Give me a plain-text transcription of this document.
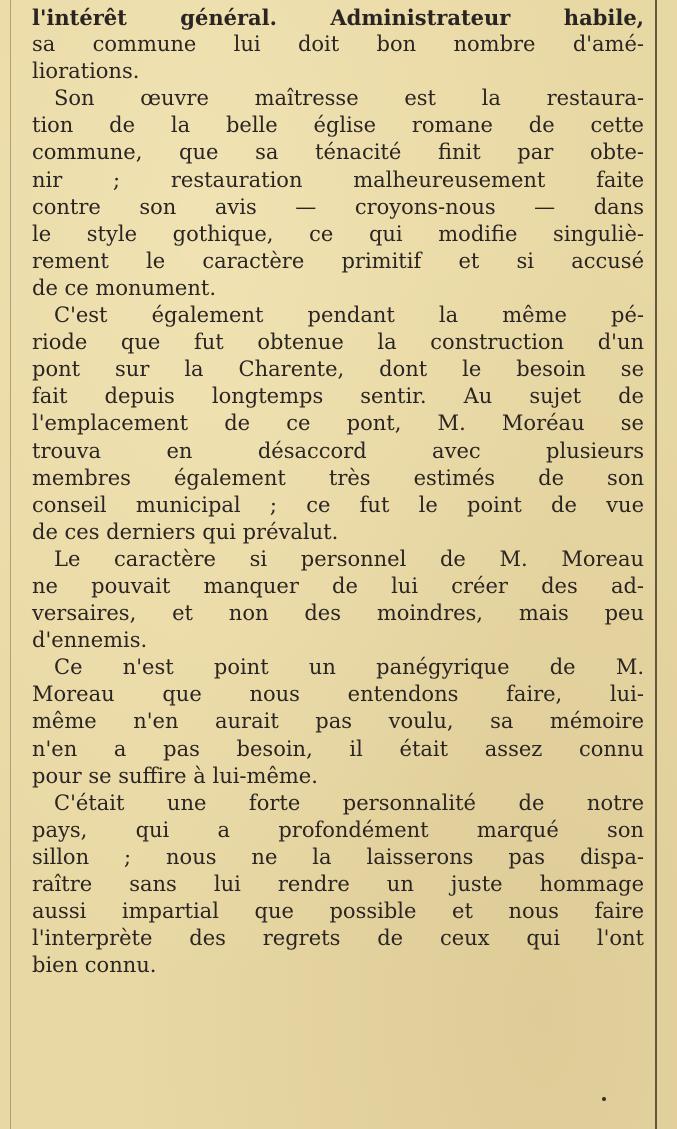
l'intérêt général. Administrateur habile,
sa commune lui doit bon nombre d'amé-
liorations.
Son œuvre maîtresse est la restaura-
tion de la belle église romane de cette
commune, que sa ténacité finit par obte-
nir ; restauration malheureusement faite
contre son avis — croyons-nous — dans
le style gothique, ce qui modifie singuliè-
rement le caractère primitif et si accusé
de ce monument.
C'est également pendant la même pé-
riode que fut obtenue la construction d'un
pont sur la Charente, dont le besoin se
fait depuis longtemps sentir. Au sujet de
l'emplacement de ce pont, M. Moréau se
trouva en désaccord avec plusieurs
membres également très estimés de son
conseil municipal ; ce fut le point de vue
de ces derniers qui prévalut.
Le caractère si personnel de M. Moreau
ne pouvait manquer de lui créer des ad-
versaires, et non des moindres, mais peu
d'ennemis.
Ce n'est point un panégyrique de M.
Moreau que nous entendons faire, lui-
même n'en aurait pas voulu, sa mémoire
n'en a pas besoin, il était assez connu
pour se suffire à lui-même.
C'était une forte personnalité de notre
pays, qui a profondément marqué son
sillon ; nous ne la laisserons pas dispa-
raître sans lui rendre un juste hommage
aussi impartial que possible et nous faire
l'interprète des regrets de ceux qui l'ont
bien connu.
